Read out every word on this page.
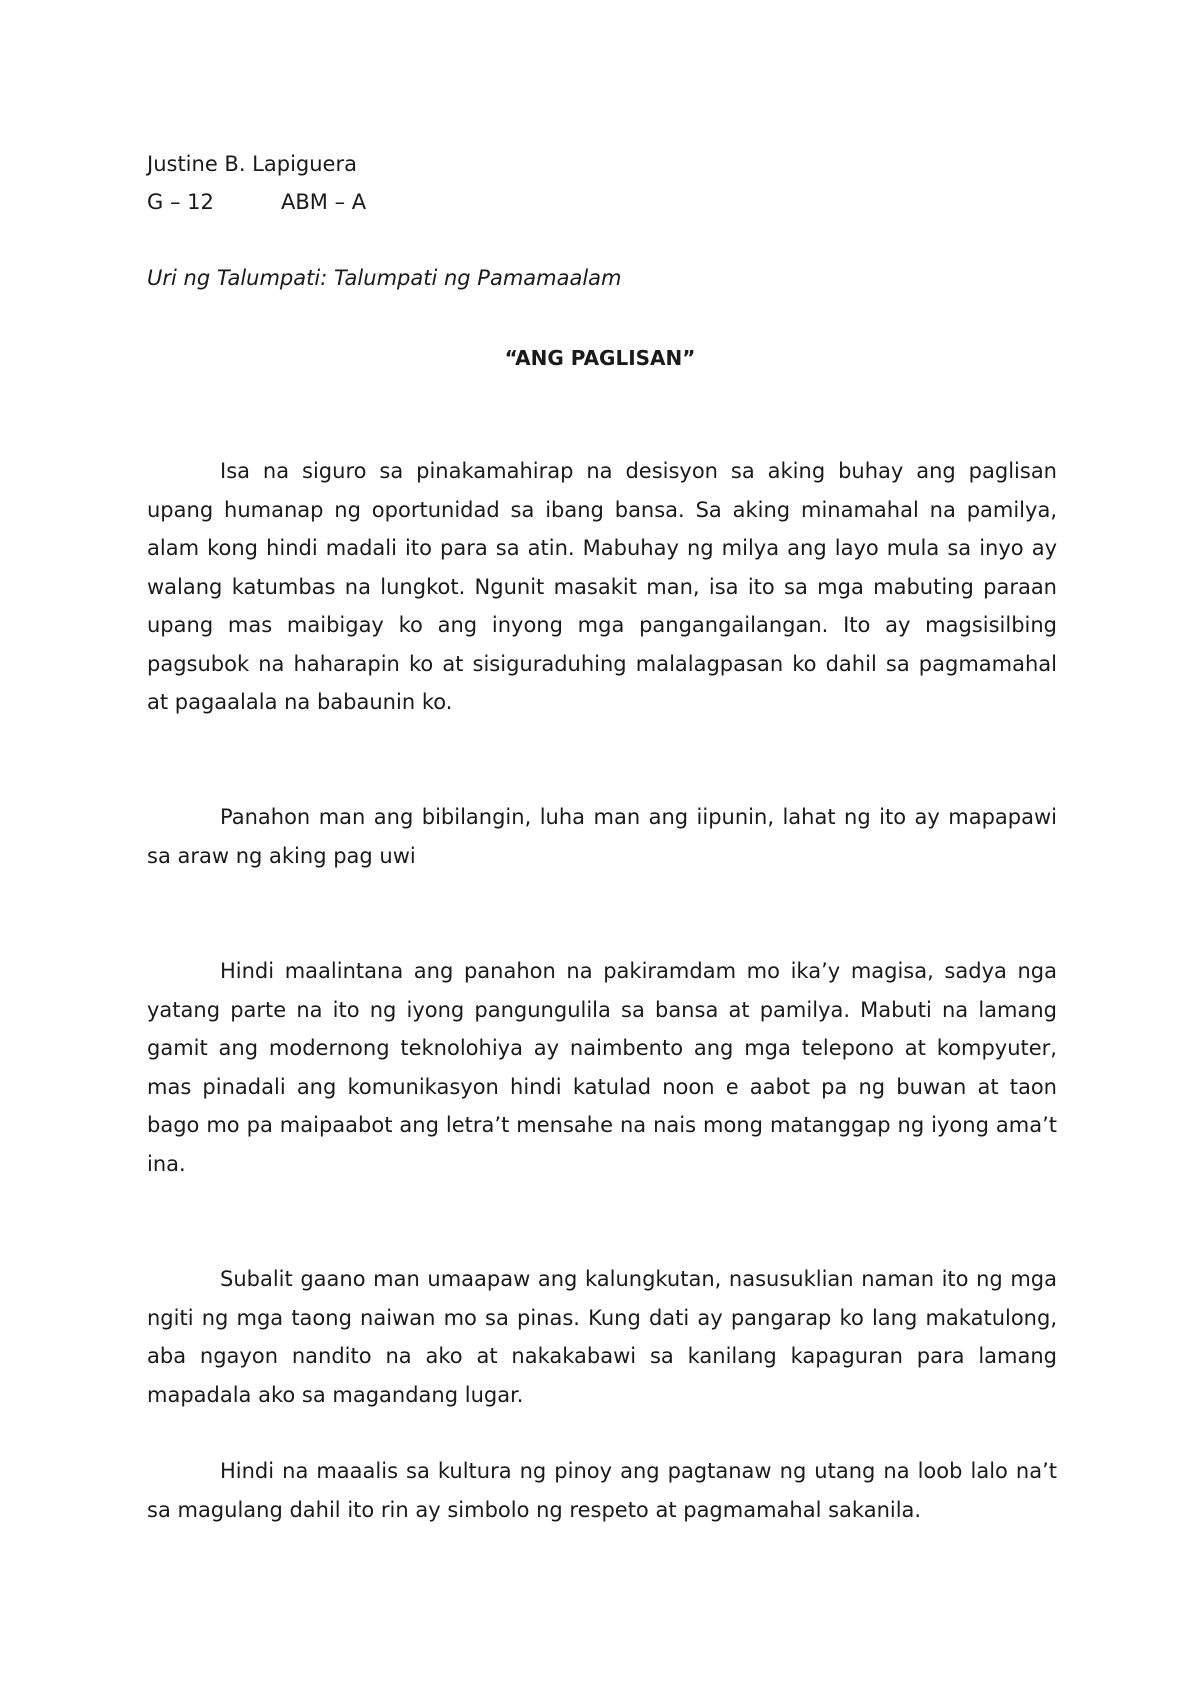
Justine B. Lapiguera
G – 12	ABM – A
Uri ng Talumpati: Talumpati ng Pamamaalam
“ANG PAGLISAN”

Isa na siguro sa pinakamahirap na desisyon sa aking buhay ang paglisan upang humanap ng oportunidad sa ibang bansa. Sa aking minamahal na pamilya, alam kong hindi madali ito para sa atin. Mabuhay ng milya ang layo mula sa inyo ay walang katumbas na lungkot. Ngunit masakit man, isa ito sa mga mabuting paraan upang mas maibigay ko ang inyong mga pangangailangan. Ito ay magsisilbing pagsubok na haharapin ko at sisiguraduhing malalagpasan ko dahil sa pagmamahal at pagaalala na babaunin ko.

Panahon man ang bibilangin, luha man ang iipunin, lahat ng ito ay mapapawi sa araw ng aking pag uwi

Hindi maalintana ang panahon na pakiramdam mo ika’y magisa, sadya nga yatang parte na ito ng iyong pangungulila sa bansa at pamilya. Mabuti na lamang gamit ang modernong teknolohiya ay naimbento ang mga telepono at kompyuter, mas pinadali ang komunikasyon hindi katulad noon e aabot pa ng buwan at taon bago mo pa maipaabot ang letra’t mensahe na nais mong matanggap ng iyong ama’t ina.

Subalit gaano man umaapaw ang kalungkutan, nasusuklian naman ito ng mga ngiti ng mga taong naiwan mo sa pinas. Kung dati ay pangarap ko lang makatulong, aba ngayon nandito na ako at nakakabawi sa kanilang kapaguran para lamang mapadala ako sa magandang lugar.

Hindi na maaalis sa kultura ng pinoy ang pagtanaw ng utang na loob lalo na’t sa magulang dahil ito rin ay simbolo ng respeto at pagmamahal sakanila.
